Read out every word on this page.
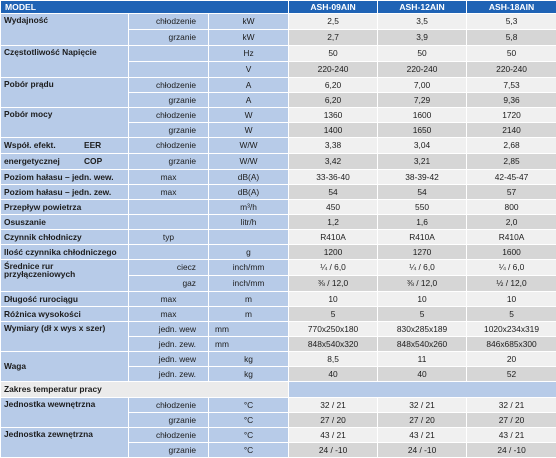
MODEL			ASH-09AIN	ASH-12AIN	ASH-18AIN
Wydajność	chłodzenie	kW	2,5	3,5	5,3
	grzanie	kW	2,7	3,9	5,8
Częstotliwość Napięcie		Hz	50	50	50
		V	220-240	220-240	220-240
Pobór prądu	chłodzenie	A	6,20	7,00	7,53
	grzanie	A	6,20	7,29	9,36
Pobór mocy	chłodzenie	W	1360	1600	1720
	grzanie	W	1400	1650	2140
Współ. efekt. EER	chłodzenie	W/W	3,38	3,04	2,68
energetycznej COP	grzanie	W/W	3,42	3,21	2,85
Poziom hałasu – jedn. wew.	max	dB(A)	33-36-40	38-39-42	42-45-47
Poziom hałasu – jedn. zew.	max	dB(A)	54	54	57
Przepływ powietrza		m³/h	450	550	800
Osuszanie		litr/h	1,2	1,6	2,0
Czynnik chłodniczy	typ		R410A	R410A	R410A
Ilość czynnika chłodniczego		g	1200	1270	1600
Średnice rur przyłączeniowych	ciecz	inch/mm	¼ / 6,0	¼ / 6,0	¼ / 6,0
	gaz	inch/mm	⅜ / 12,0	⅜ / 12,0	½ / 12,0
Długość rurociągu	max	m	10	10	10
Różnica wysokości	max	m	5	5	5
Wymiary (dł x wys x szer)	jedn. wew	mm	770x250x180	830x285x189	1020x234x319
	jedn. zew.	mm	848x540x320	848x540x260	846x685x300
Waga	jedn. wew	kg	8,5	11	20
	jedn. zew.	kg	40	40	52
Zakres temperatur pracy					
Jednostka wewnętrzna	chłodzenie	°C	32 / 21	32 / 21	32 / 21
	grzanie	°C	27 / 20	27 / 20	27 / 20
Jednostka zewnętrzna	chłodzenie	°C	43 / 21	43 / 21	43 / 21
	grzanie	°C	24 / -10	24 / -10	24 / -10
